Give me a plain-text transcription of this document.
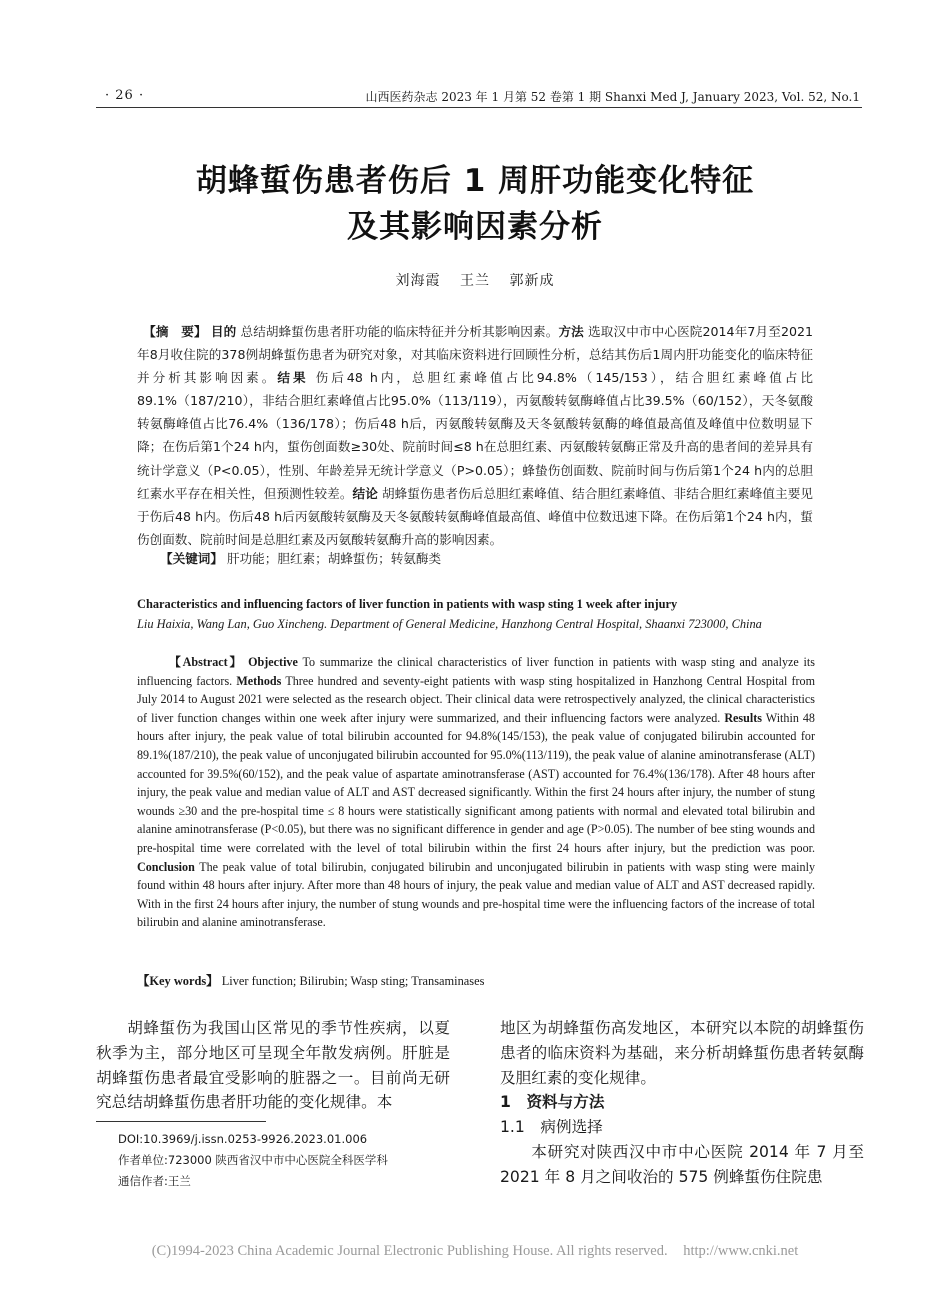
· 26 ·	山西医药杂志 2023 年 1 月第 52 卷第 1 期 Shanxi Med J, January 2023, Vol. 52, No.1
胡蜂蜇伤患者伤后 1 周肝功能变化特征
及其影响因素分析
刘海霞 王兰 郭新成
【摘　要】 目的 总结胡蜂蜇伤患者肝功能的临床特征并分析其影响因素。方法 选取汉中市中心医院2014年7月至2021年8月收住院的378例胡蜂蜇伤患者为研究对象，对其临床资料进行回顾性分析，总结其伤后1周内肝功能变化的临床特征并分析其影响因素。结果 伤后48 h内，总胆红素峰值占比94.8%（145/153），结合胆红素峰值占比89.1%（187/210），非结合胆红素峰值占比95.0%（113/119），丙氨酸转氨酶峰值占比39.5%（60/152），天冬氨酸转氨酶峰值占比76.4%（136/178）；伤后48 h后，丙氨酸转氨酶及天冬氨酸转氨酶的峰值最高值及峰值中位数明显下降；在伤后第1个24 h内，蜇伤创面数≥30处、院前时间≤8 h在总胆红素、丙氨酸转氨酶正常及升高的患者间的差异具有统计学意义（P<0.05），性别、年龄差异无统计学意义（P>0.05）；蜂蛰伤创面数、院前时间与伤后第1个24 h内的总胆红素水平存在相关性，但预测性较差。结论 胡蜂蜇伤患者伤后总胆红素峰值、结合胆红素峰值、非结合胆红素峰值主要见于伤后48 h内。伤后48 h后丙氨酸转氨酶及天冬氨酸转氨酶峰值最高值、峰值中位数迅速下降。在伤后第1个24 h内，蜇伤创面数、院前时间是总胆红素及丙氨酸转氨酶升高的影响因素。
【关键词】 肝功能；胆红素；胡蜂蜇伤；转氨酶类
Characteristics and influencing factors of liver function in patients with wasp sting 1 week after injury
Liu Haixia, Wang Lan, Guo Xincheng. Department of General Medicine, Hanzhong Central Hospital, Shaanxi 723000, China
【Abstract】 Objective To summarize the clinical characteristics of liver function in patients with wasp sting and analyze its influencing factors. Methods Three hundred and seventy-eight patients with wasp sting hospitalized in Hanzhong Central Hospital from July 2014 to August 2021 were selected as the research object. Their clinical data were retrospectively analyzed, the clinical characteristics of liver function changes within one week after injury were summarized, and their influencing factors were analyzed. Results Within 48 hours after injury, the peak value of total bilirubin accounted for 94.8%(145/153), the peak value of conjugated bilirubin accounted for 89.1%(187/210), the peak value of unconjugated bilirubin accounted for 95.0%(113/119), the peak value of alanine aminotransferase (ALT) accounted for 39.5%(60/152), and the peak value of aspartate aminotransferase (AST) accounted for 76.4%(136/178). After 48 hours after injury, the peak value and median value of ALT and AST decreased significantly. Within the first 24 hours after injury, the number of stung wounds ≥30 and the pre-hospital time ≤ 8 hours were statistically significant among patients with normal and elevated total bilirubin and alanine aminotransferase (P<0.05), but there was no significant difference in gender and age (P>0.05). The number of bee sting wounds and pre-hospital time were correlated with the level of total bilirubin within the first 24 hours after injury, but the prediction was poor. Conclusion The peak value of total bilirubin, conjugated bilirubin and unconjugated bilirubin in patients with wasp sting were mainly found within 48 hours after injury. After more than 48 hours of injury, the peak value and median value of ALT and AST decreased rapidly. With in the first 24 hours after injury, the number of stung wounds and pre-hospital time were the influencing factors of the increase of total bilirubin and alanine aminotransferase.
【Key words】 Liver function; Bilirubin; Wasp sting; Transaminases

胡蜂蜇伤为我国山区常见的季节性疾病，以夏秋季为主，部分地区可呈现全年散发病例。肝脏是胡蜂蜇伤患者最宜受影响的脏器之一。目前尚无研究总结胡蜂蜇伤患者肝功能的变化规律。本

地区为胡蜂蜇伤高发地区，本研究以本院的胡蜂蜇伤患者的临床资料为基础，来分析胡蜂蜇伤患者转氨酶及胆红素的变化规律。

1　资料与方法

1.1　病例选择

本研究对陕西汉中市中心医院 2014 年 7 月至 2021 年 8 月之间收治的 575 例蜂蜇伤住院患

DOI:10.3969/j.issn.0253-9926.2023.01.006
作者单位:723000 陕西省汉中市中心医院全科医学科
通信作者:王兰
(C)1994-2023 China Academic Journal Electronic Publishing House. All rights reserved. http://www.cnki.net
